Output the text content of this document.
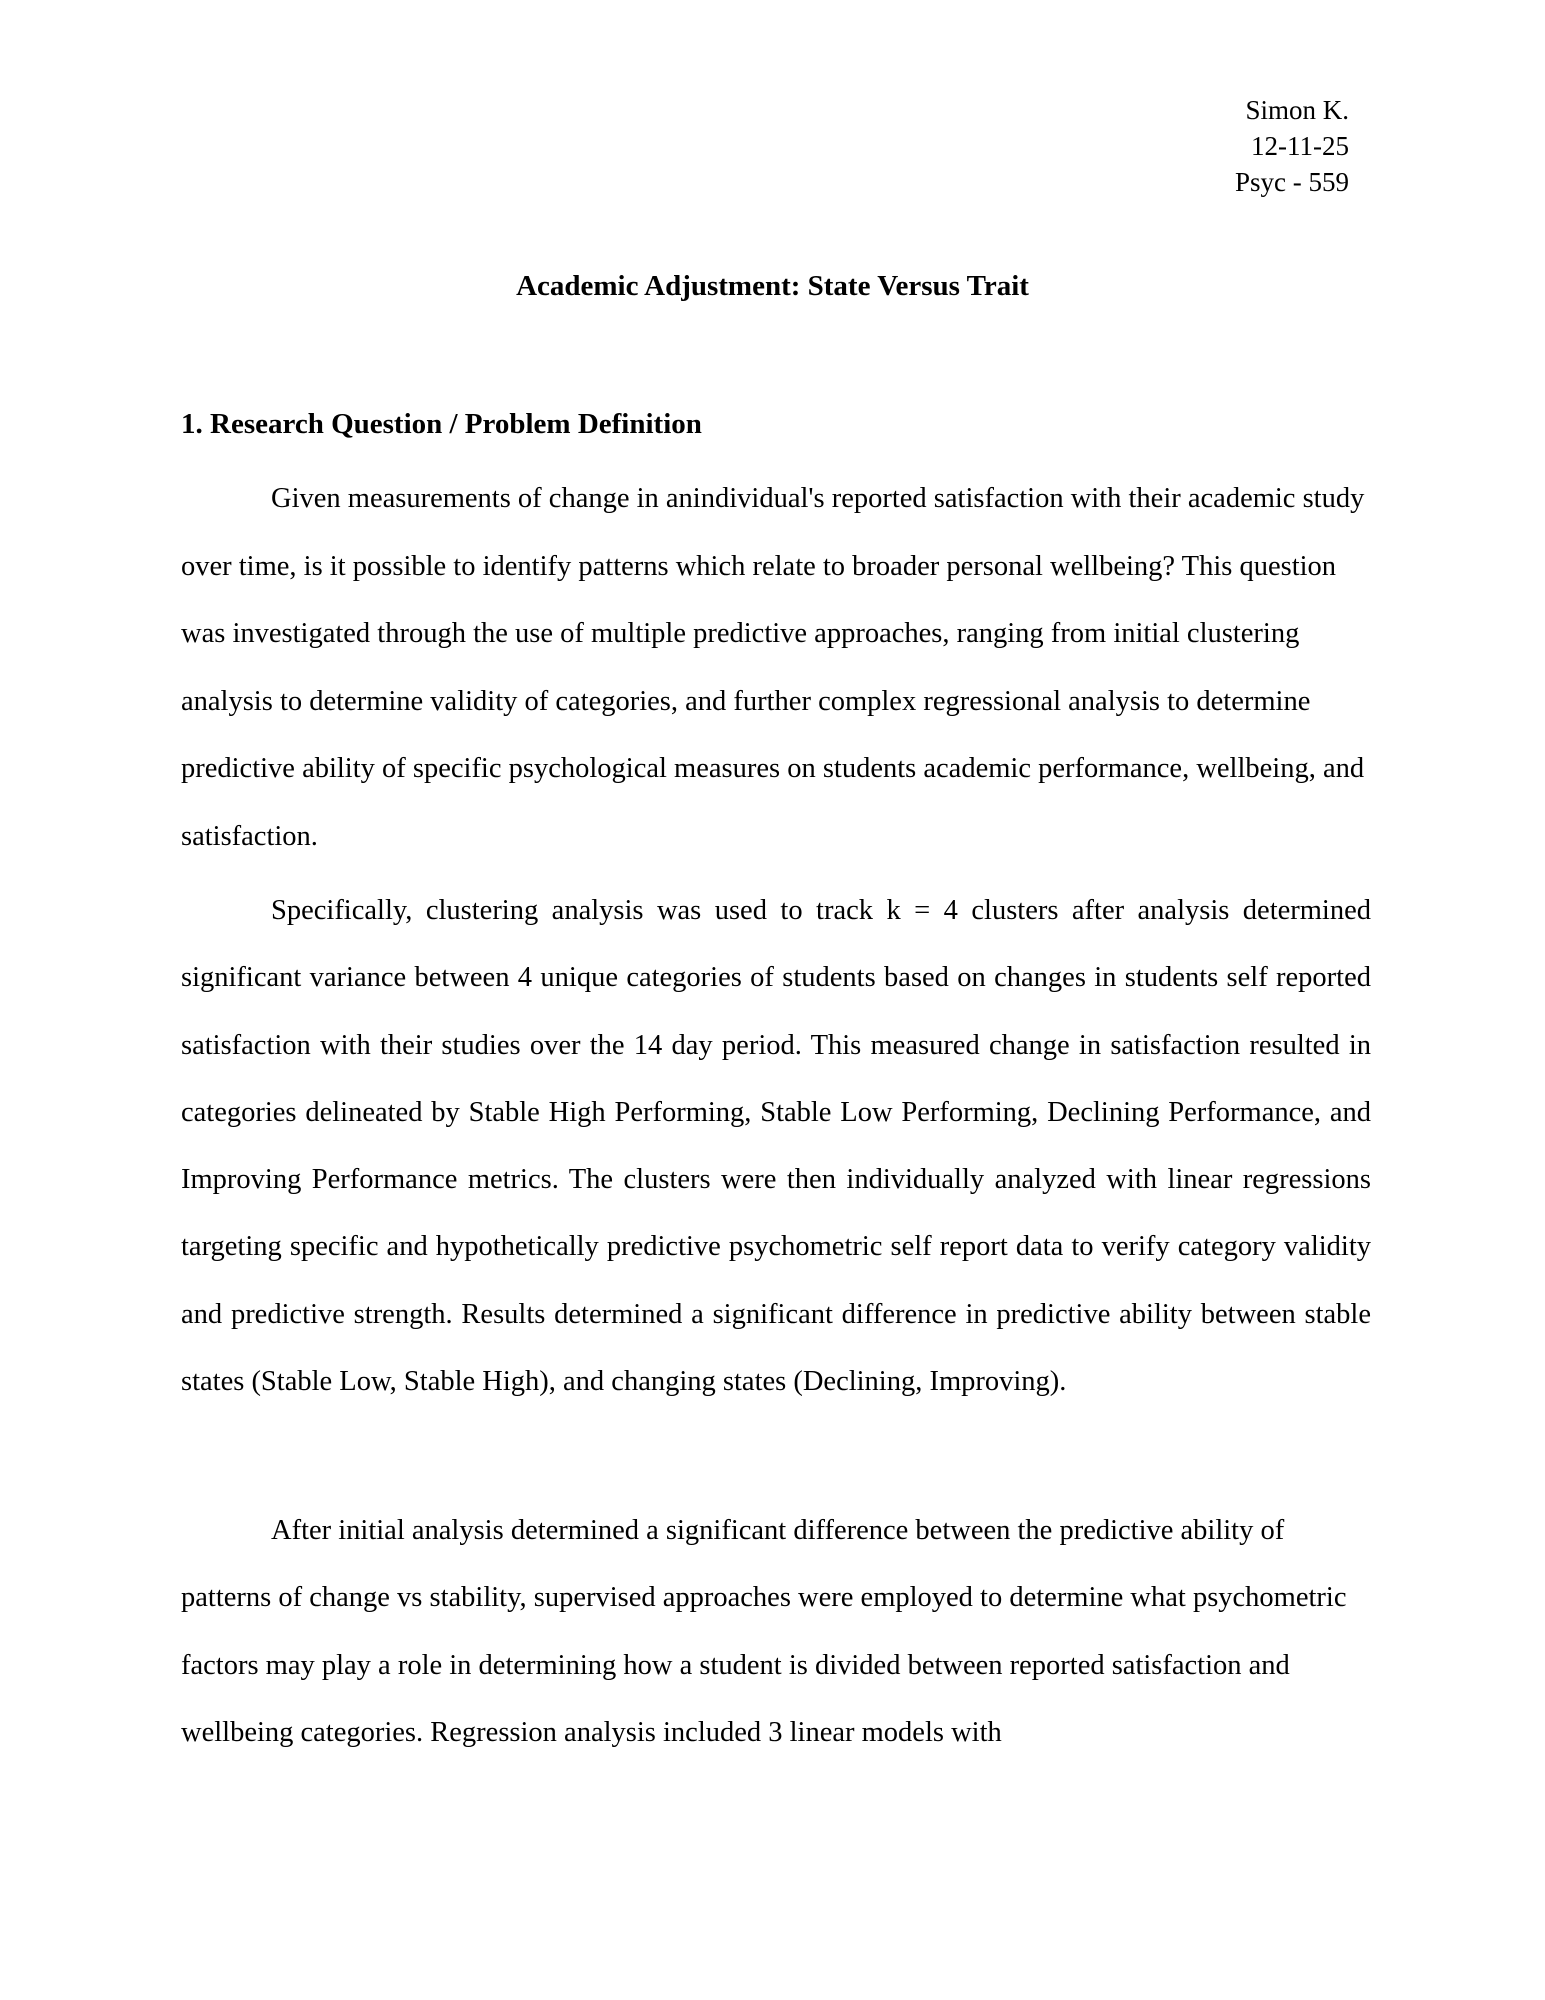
Simon K.
12-11-25
Psyc - 559
Academic Adjustment: State Versus Trait
1. Research Question / Problem Definition

Given measurements of change in anindividual's reported satisfaction with their academic study over time, is it possible to identify patterns which relate to broader personal wellbeing? This question was investigated through the use of multiple predictive approaches, ranging from initial clustering analysis to determine validity of categories, and further complex regressional analysis to determine predictive ability of specific psychological measures on students academic performance, wellbeing, and satisfaction.

Specifically, clustering analysis was used to track k = 4 clusters after analysis determined significant variance between 4 unique categories of students based on changes in students self reported satisfaction with their studies over the 14 day period. This measured change in satisfaction resulted in categories delineated by Stable High Performing, Stable Low Performing, Declining Performance, and Improving Performance metrics. The clusters were then individually analyzed with linear regressions targeting specific and hypothetically predictive psychometric self report data to verify category validity and predictive strength. Results determined a significant difference in predictive ability between stable states (Stable Low, Stable High), and changing states (Declining, Improving).

After initial analysis determined a significant difference between the predictive ability of patterns of change vs stability, supervised approaches were employed to determine what psychometric factors may play a role in determining how a student is divided between reported satisfaction and wellbeing categories. Regression analysis included 3 linear models with
